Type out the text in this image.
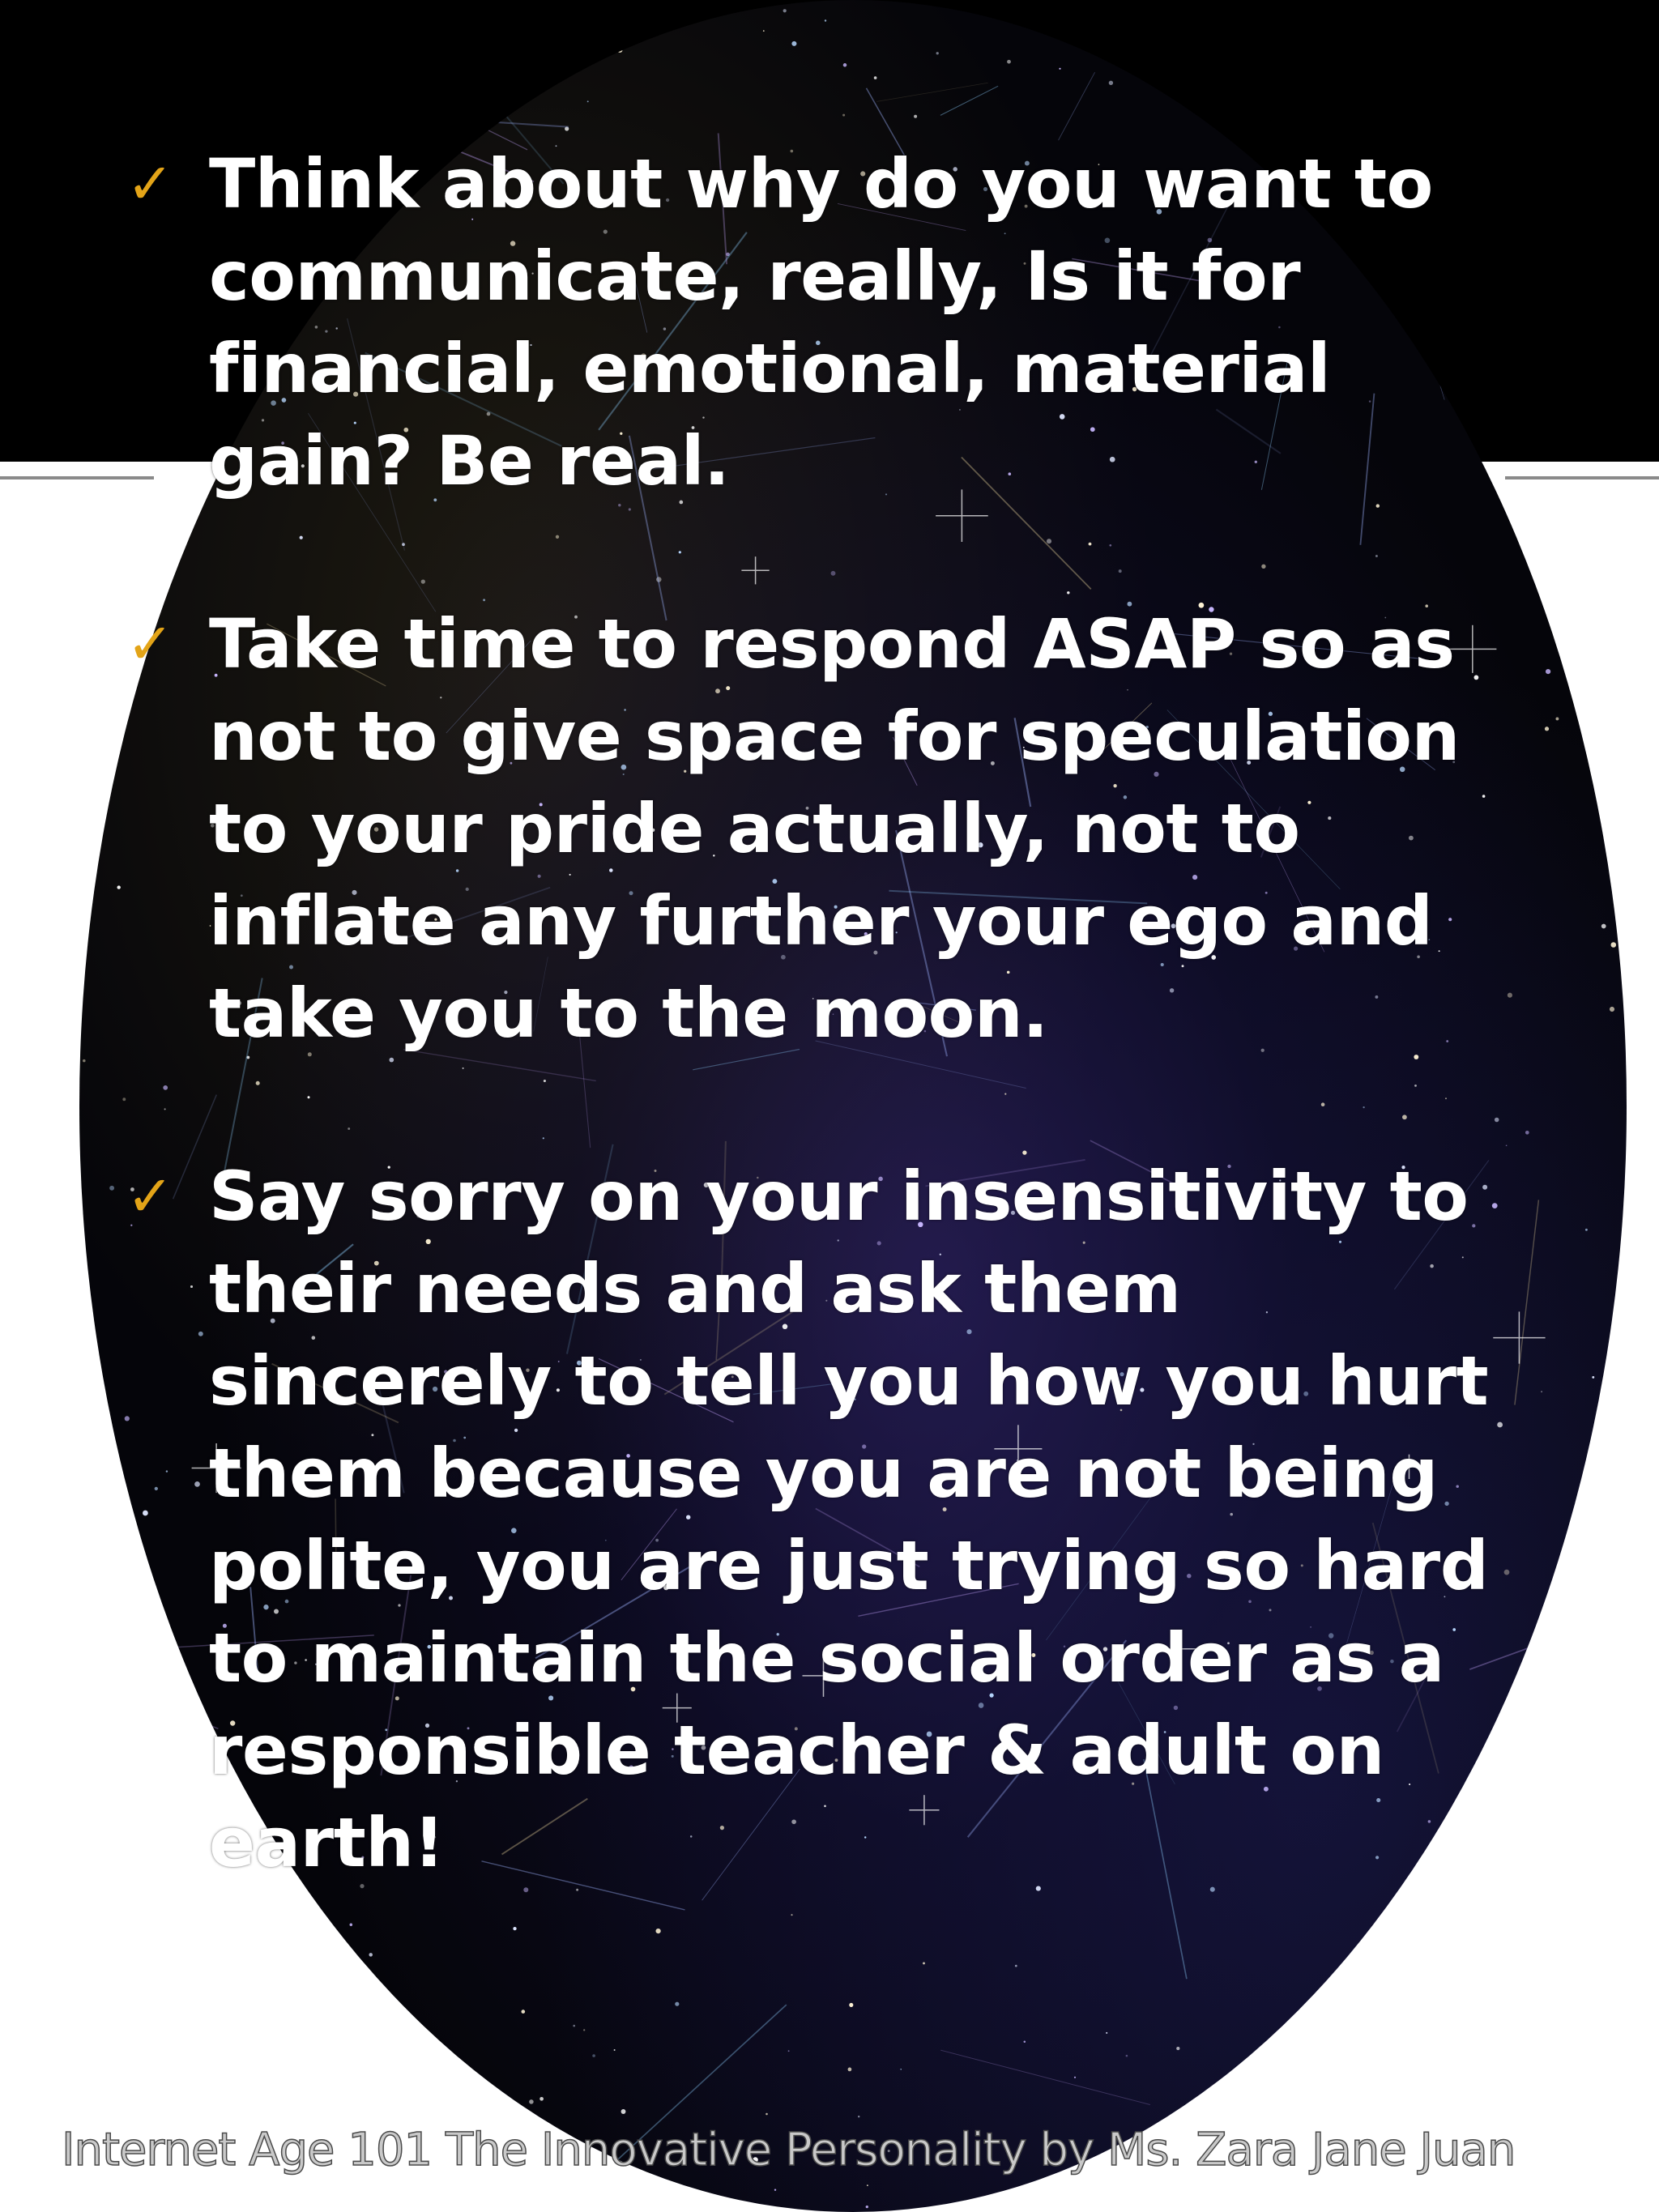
✓ Think about why do you want to communicate, really, Is it for financial, emotional, material gain? Be real.
✓ Take time to respond ASAP so as not to give space for speculation to your pride actually, not to inflate any further your ego and take you to the moon.
✓ Say sorry on your insensitivity to their needs and ask them sincerely to tell you how you hurt them because you are not being polite, you are just trying so hard to maintain the social order as a responsible teacher & adult on earth!
Internet Age 101 The Innovative Personality by Ms. Zara Jane Juan
